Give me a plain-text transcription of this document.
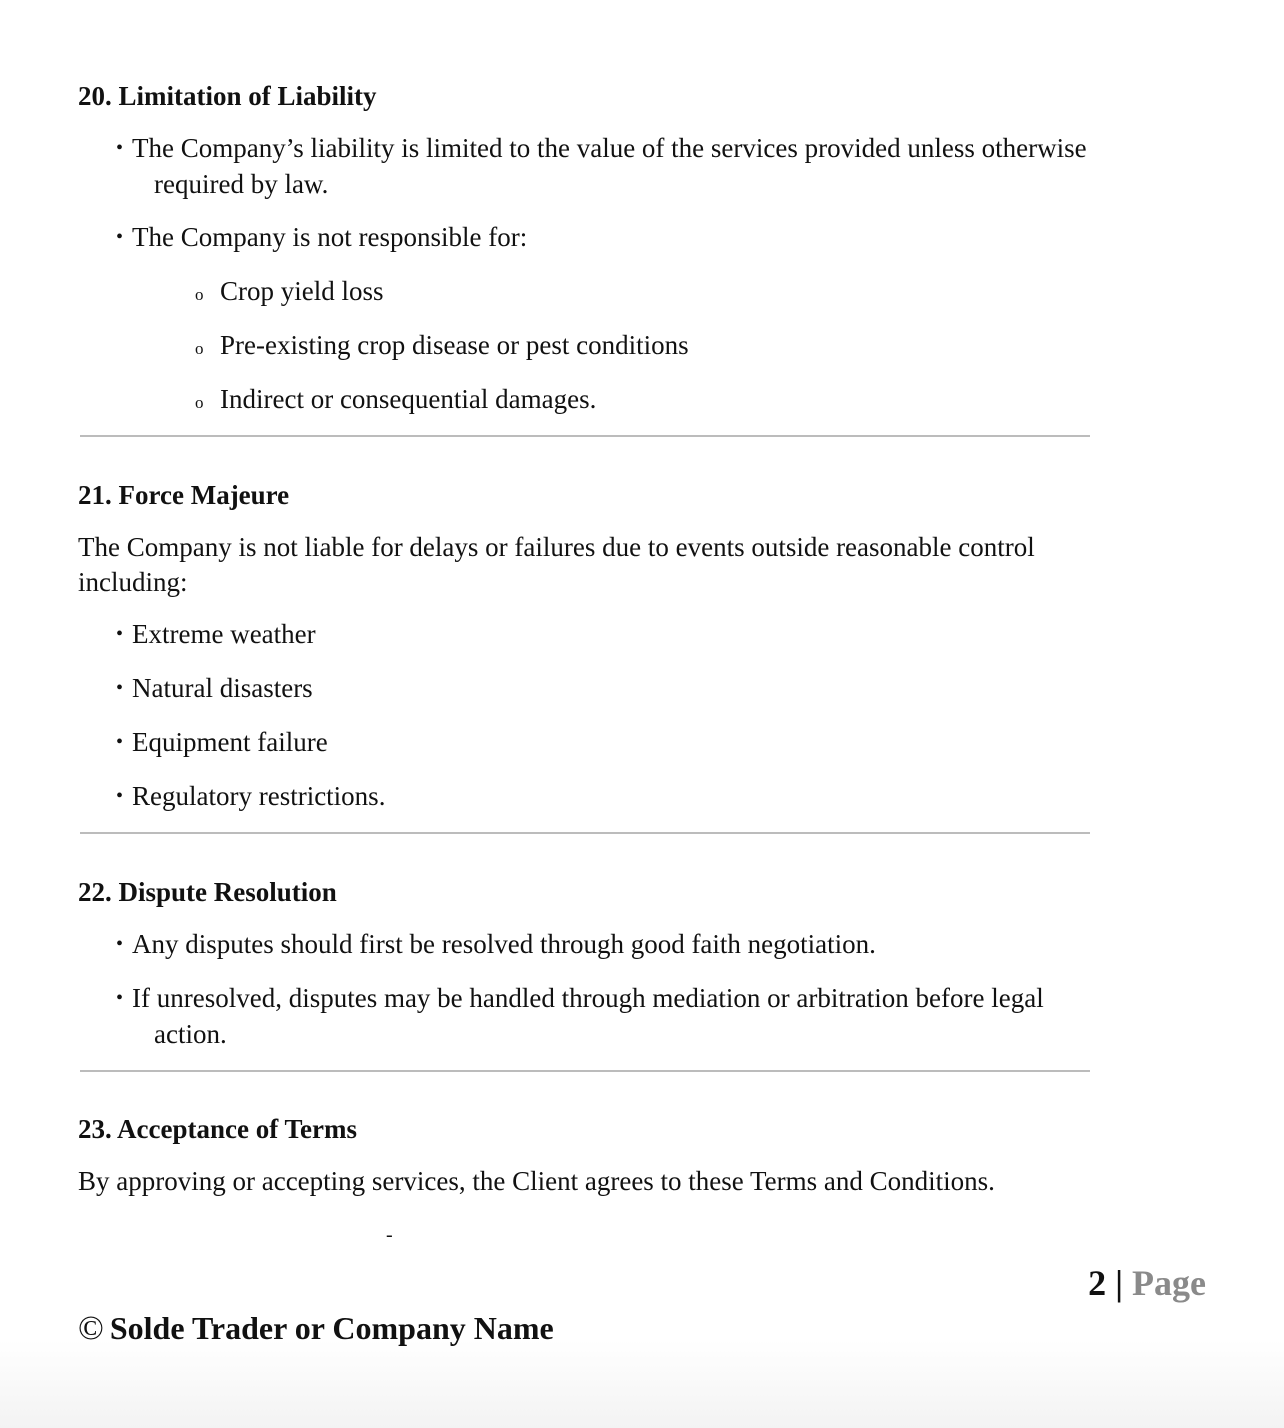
20. Limitation of Liability
• The Company’s liability is limited to the value of the services provided unless otherwise
required by law.
• The Company is not responsible for:
o Crop yield loss
o Pre-existing crop disease or pest conditions
o Indirect or consequential damages.
21. Force Majeure
The Company is not liable for delays or failures due to events outside reasonable control
including:
• Extreme weather
• Natural disasters
• Equipment failure
• Regulatory restrictions.
22. Dispute Resolution
• Any disputes should first be resolved through good faith negotiation.
• If unresolved, disputes may be handled through mediation or arbitration before legal
action.
23. Acceptance of Terms
By approving or accepting services, the Client agrees to these Terms and Conditions.
-
2 | Page
© Solde Trader or Company Name
